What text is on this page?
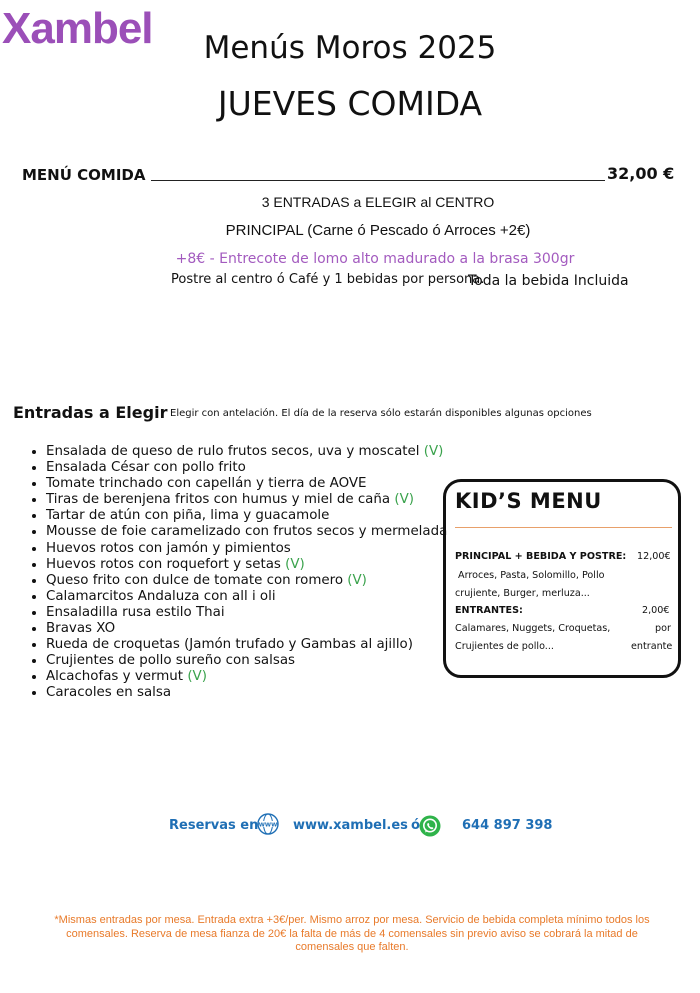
Xambel	Menús Moros 2025
JUEVES COMIDA
MENÚ COMIDA	32,00 €
3 ENTRADAS a ELEGIR al CENTRO
PRINCIPAL (Carne ó Pescado ó Arroces +2€)
+8€ - Entrecote de lomo alto madurado a la brasa 300gr
Postre al centro ó Café y 1 bebidas por persona.
Toda la bebida Incluida
Entradas a Elegir Elegir con antelación. El día de la reserva sólo estarán disponibles algunas opciones
• Ensalada de queso de rulo frutos secos, uva y moscatel (V)
• Ensalada César con pollo frito
• Tomate trinchado con capellán y tierra de AOVE
• Tiras de berenjena fritos con humus y miel de caña (V)
• Tartar de atún con piña, lima y guacamole
• Mousse de foie caramelizado con frutos secos y mermelada
• Huevos rotos con jamón y pimientos
• Huevos rotos con roquefort y setas (V)
• Queso frito con dulce de tomate con romero (V)
• Calamarcitos Andaluza con all i oli
• Ensaladilla rusa estilo Thai
• Bravas XO
• Rueda de croquetas (Jamón trufado y Gambas al ajillo)
• Crujientes de pollo sureño con salsas
• Alcachofas y vermut (V)
• Caracoles en salsa
KID’S MENU
PRINCIPAL + BEBIDA Y POSTRE: 12,00€
Arroces, Pasta, Solomillo, Pollo
crujiente, Burger, merluza...
ENTRANTES:	2,00€
Calamares, Nuggets, Croquetas,	por
Crujientes de pollo...	entrante
Reservas en WWW www.xambel.es ó	644 897 398
*Mismas entradas por mesa. Entrada extra +3€/per. Mismo arroz por mesa. Servicio de bebida completa mínimo todos los comensales. Reserva de mesa fianza de 20€ la falta de más de 4 comensales sin previo aviso se cobrará la mitad de comensales que falten.
